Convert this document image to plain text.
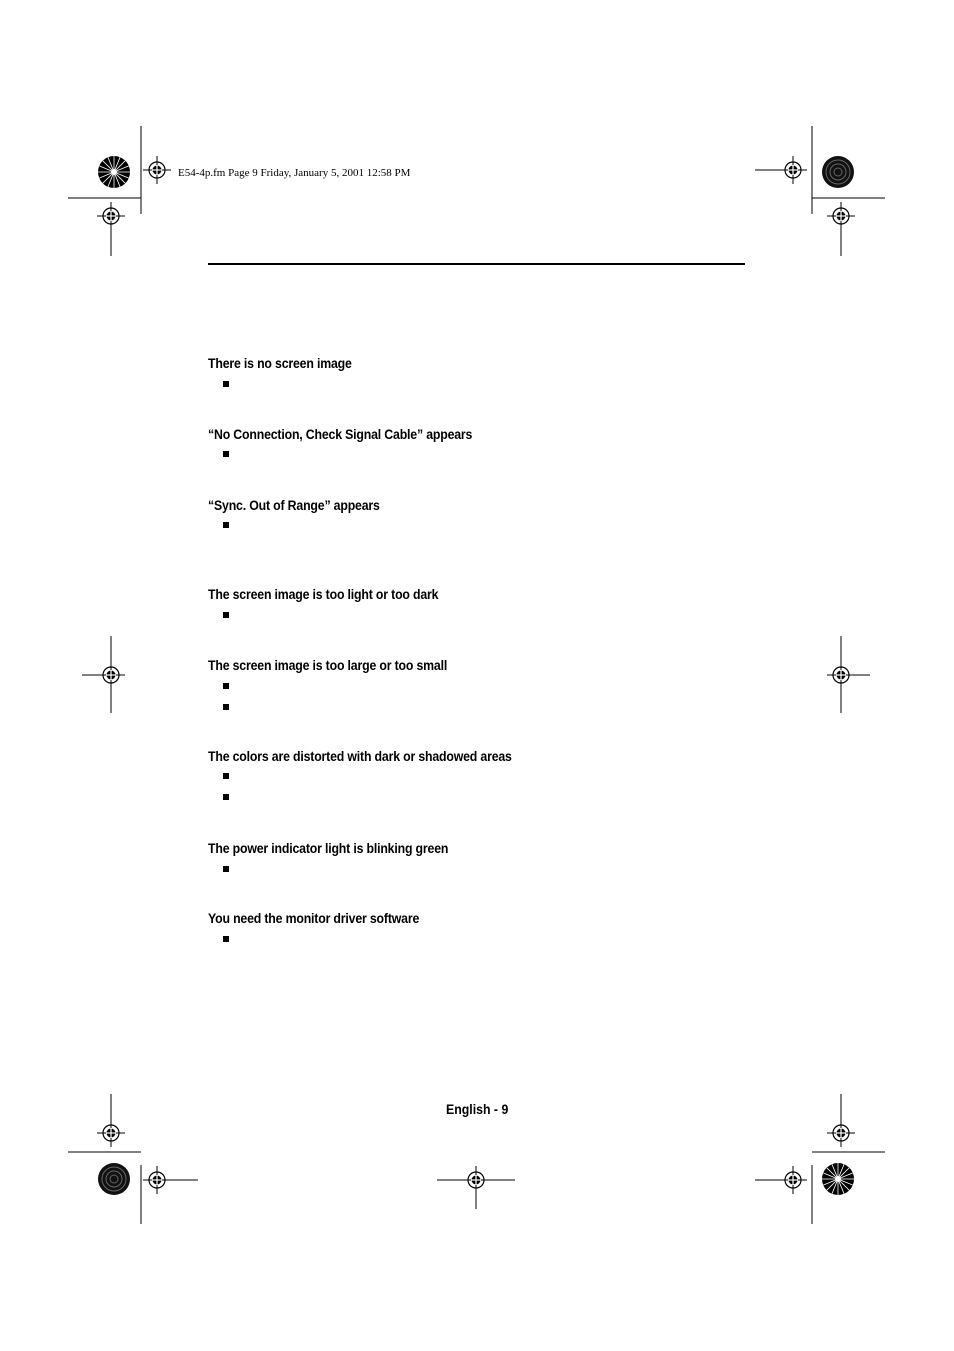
E54-4p.fm Page 9 Friday, January 5, 2001 12:58 PM
There is no screen image
“No Connection, Check Signal Cable” appears
“Sync. Out of Range” appears
The screen image is too light or too dark
The screen image is too large or too small
The colors are distorted with dark or shadowed areas
The power indicator light is blinking green
You need the monitor driver software
English - 9
